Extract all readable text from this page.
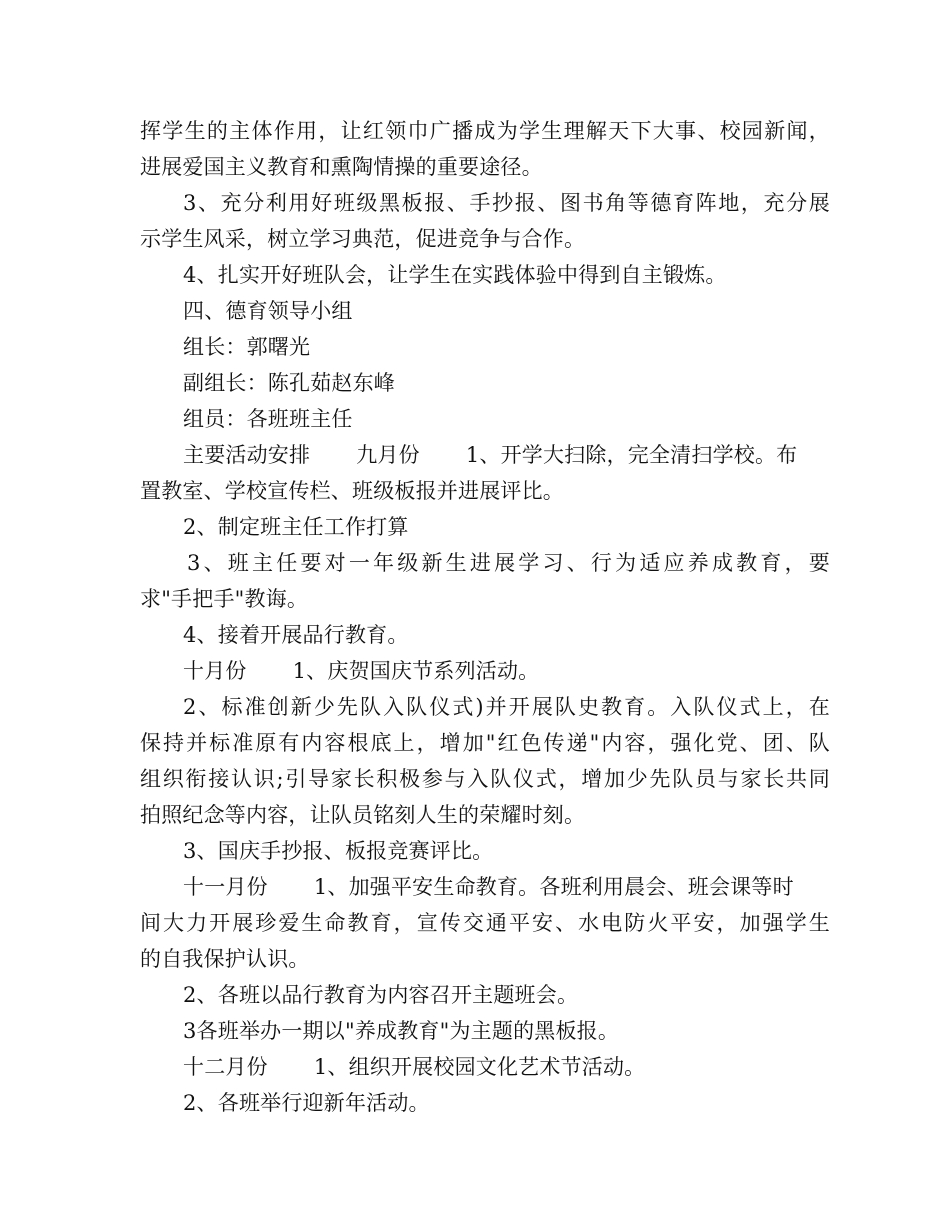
挥学生的主体作用，让红领巾广播成为学生理解天下大事、校园新闻，
进展爱国主义教育和熏陶情操的重要途径。
3、充分利用好班级黑板报、手抄报、图书角等德育阵地，充分展
示学生风采，树立学习典范，促进竞争与合作。
4、扎实开好班队会，让学生在实践体验中得到自主锻炼。
四、德育领导小组
组长：郭曙光
副组长：陈孔茹赵东峰
组员：各班班主任
主要活动安排 九月份 1、开学大扫除，完全清扫学校。布
置教室、学校宣传栏、班级板报并进展评比。
2、制定班主任工作打算
3、班主任要对一年级新生进展学习、行为适应养成教育，要
求"手把手"教诲。
4、接着开展品行教育。
十月份 1、庆贺国庆节系列活动。
2、标准创新少先队入队仪式)并开展队史教育。入队仪式上，在
保持并标准原有内容根底上，增加"红色传递"内容，强化党、团、队
组织衔接认识;引导家长积极参与入队仪式，增加少先队员与家长共同
拍照纪念等内容，让队员铭刻人生的荣耀时刻。
3、国庆手抄报、板报竞赛评比。
十一月份 1、加强平安生命教育。各班利用晨会、班会课等时
间大力开展珍爱生命教育，宣传交通平安、水电防火平安，加强学生
的自我保护认识。
2、各班以品行教育为内容召开主题班会。
3各班举办一期以"养成教育"为主题的黑板报。
十二月份 1、组织开展校园文化艺术节活动。
2、各班举行迎新年活动。
